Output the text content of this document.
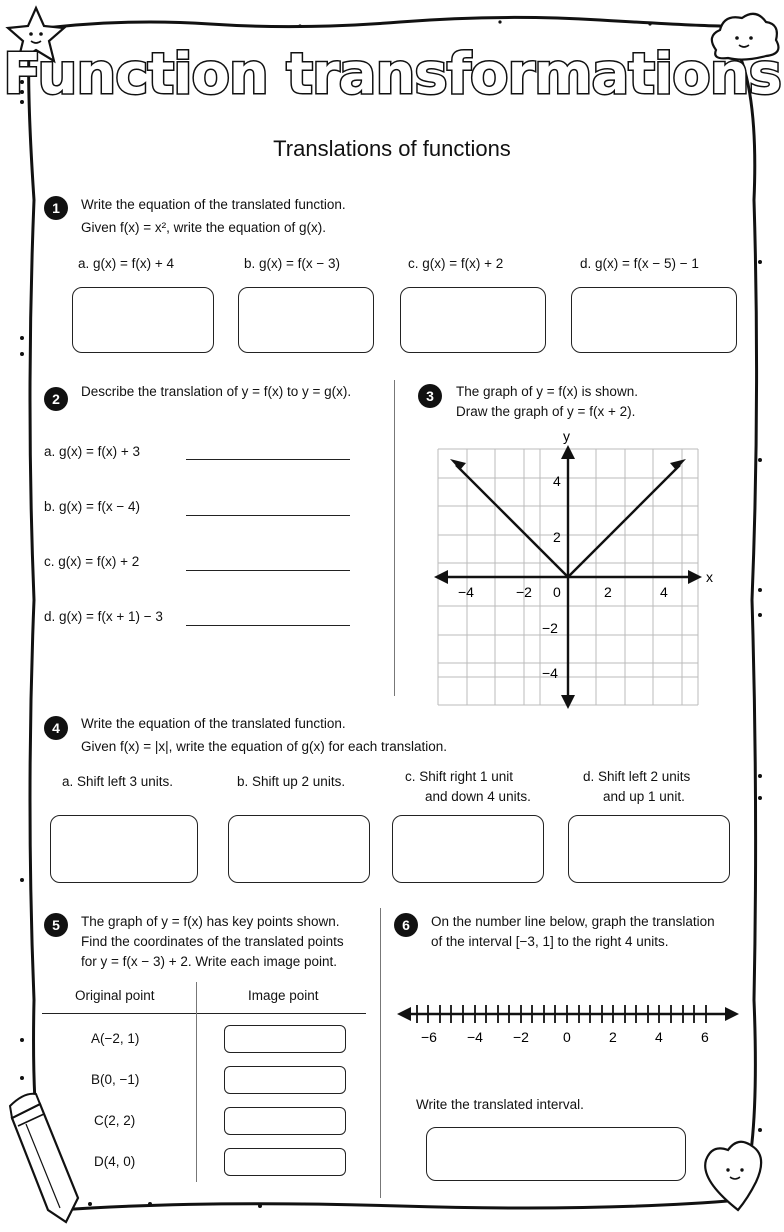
Function transformations
Translations of functions
1	Write the equation of the translated function.
Given f(x) = x², write the equation of g(x).
a. g(x) = f(x) + 4	b. g(x) = f(x − 3)	c. g(x) = f(x) + 2	d. g(x) = f(x − 5) − 1
2	Describe the translation of y = f(x) to y = g(x).
a. g(x) = f(x) + 3
b. g(x) = f(x − 4)
c. g(x) = f(x) + 2
d. g(x) = f(x + 1) − 3
3	The graph of y = f(x) is shown.
Draw the graph of y = f(x + 2).
y
x
−4	−2 0	2	4
4
2
−2
−4
4	Write the equation of the translated function.
Given f(x) = |x|, write the equation of g(x) for each translation.
a. Shift left 3 units.	b. Shift up 2 units.	c. Shift right 1 unit
and down 4 units.
d. Shift left 2 units
and up 1 unit.
5	The graph of y = f(x) has key points shown.
Find the coordinates of the translated points
for y = f(x − 3) + 2. Write each image point.
Original point	Image point
A(−2, 1)
B(0, −1)
C(2, 2)
D(4, 0)
6	On the number line below, graph the translation
of the interval [−3, 1] to the right 4 units.
−6 −4 −2 0	2	4	6
Write the translated interval.
